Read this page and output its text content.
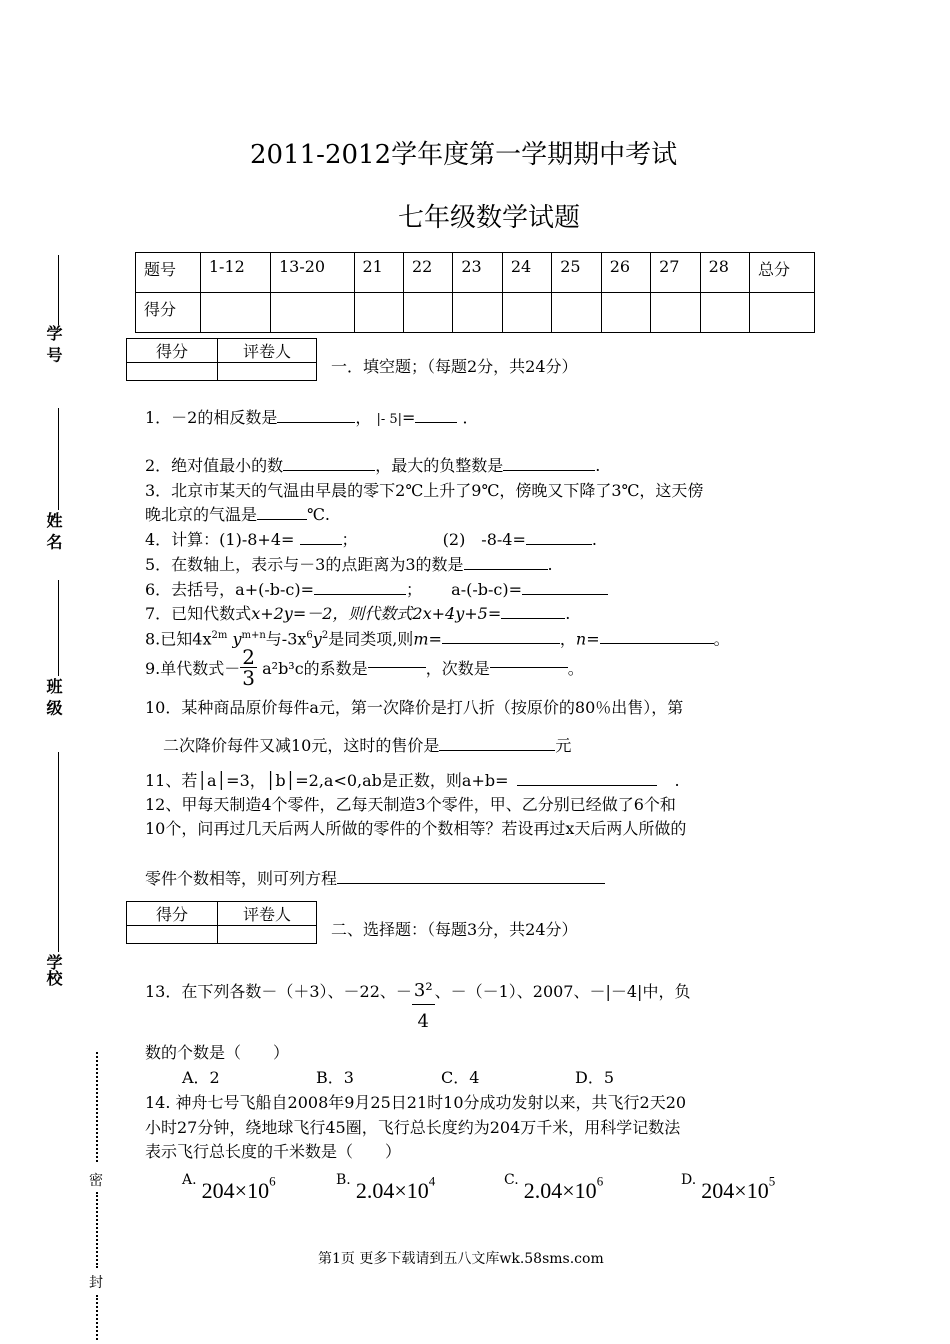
学 号
姓 名
班 级
学校
密
封
2011-2012学年度第一学期期中考试
七年级数学试题
题号	1-12	13-20	21	22	23	24	25	26	27	28	总分
得分											
得分	评卷人

一．填空题；（每题2分，共24分）
1．－2的相反数是	， |- 5|=	．
2．绝对值最小的数	，最大的负整数是	.
3．北京市某天的气温由早晨的零下2℃上升了9℃，傍晚又下降了3℃，这天傍
晚北京的气温是	℃.
4．计算：(1)-8+4=	；	(2)　-8-4=	.
5．在数轴上，表示与－3的点距离为3的数是	.
6．去括号，a+(-b-c)=	； a-(-b-c)=
7．已知代数式x+2y=－2，则代数式2x+4y+5=	.
8.已知$4x^{2m}$ $y^{m+n}$与$-3x^6y^2$是同类项,则m=	，n=	。
9.单代数式－ $\frac{2}{3} a^2b^3c$的系数是	，次数是	。
10．某种商品原价每件a元，第一次降价是打八折（按原价的80％出售），第
二次降价每件又减10元，这时的售价是	元
11、若│a│=3，│b│=2,a<0,ab是正数，则a+b=	.
12、甲每天制造4个零件，乙每天制造3个零件，甲、乙分别已经做了6个和
10个，问再过几天后两人所做的零件的个数相等？若设再过x天后两人所做的
零件个数相等，则可列方程
得分	评卷人

二、选择题：（每题3分，共24分）
13．在下列各数－（＋3）、－22、－ $\frac{\text{3²}}{4}$ 、－（－1）、2007、－|－4|中，负
数的个数是（　　）
A．2	B．3	C．4	D．5
14. 神舟七号飞船自2008年9月25日21时10分成功发射以来，共飞行2天20
小时27分钟，绕地球飞行45圈，飞行总长度约为204万千米，用科学记数法
表示飞行总长度的千米数是（　　）
A. $204\times 10^6$	B. $2.04\times 10^4$	C. $2.04\times 10^6$	D. $204\times 10^5$
第1页 更多下载请到五八文库wk.58sms.com
